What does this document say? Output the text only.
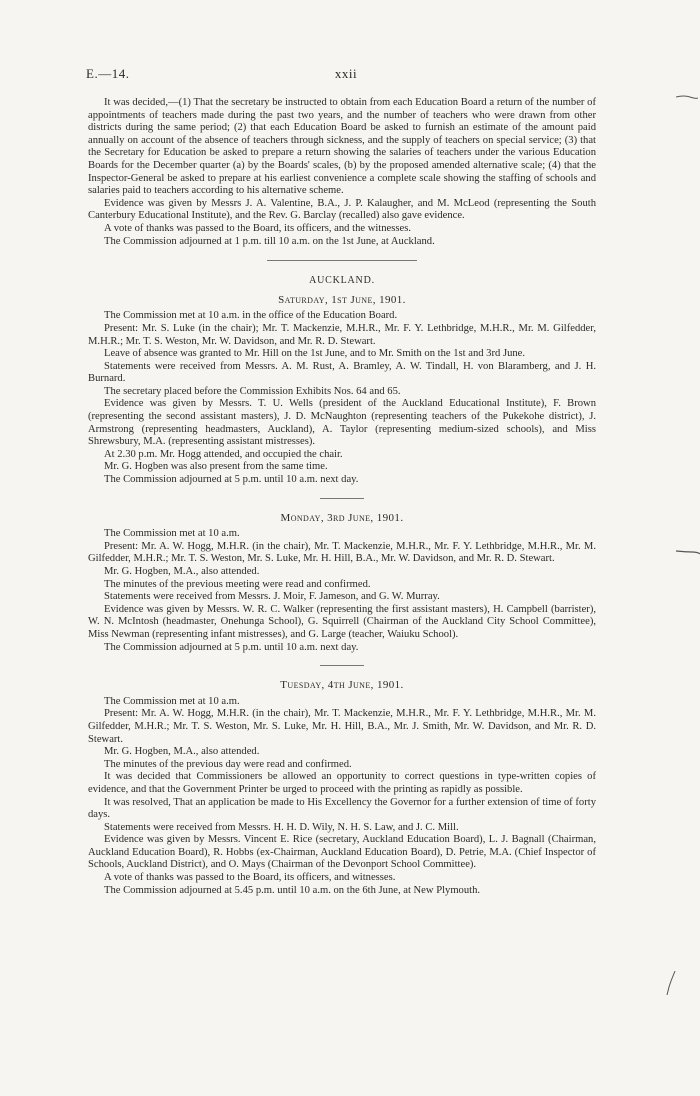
E.—14.	xxii

It was decided,—(1) That the secretary be instructed to obtain from each Education Board a return of the number of appointments of teachers made during the past two years, and the number of teachers who were drawn from other districts during the same period; (2) that each Education Board be asked to furnish an estimate of the amount paid annually on account of the absence of teachers through sickness, and the supply of teachers on special service; (3) that the Secretary for Education be asked to prepare a return showing the salaries of teachers under the various Education Boards for the December quarter (a) by the Boards' scales, (b) by the proposed amended alternative scale; (4) that the Inspector-General be asked to prepare at his earliest convenience a complete scale showing the staffing of schools and salaries paid to teachers according to his alternative scheme.

Evidence was given by Messrs J. A. Valentine, B.A., J. P. Kalaugher, and M. McLeod (representing the South Canterbury Educational Institute), and the Rev. G. Barclay (recalled) also gave evidence.

A vote of thanks was passed to the Board, its officers, and the witnesses.

The Commission adjourned at 1 p.m. till 10 a.m. on the 1st June, at Auckland.

AUCKLAND.
Saturday, 1st June, 1901.

The Commission met at 10 a.m. in the office of the Education Board.

Present: Mr. S. Luke (in the chair); Mr. T. Mackenzie, M.H.R., Mr. F. Y. Lethbridge, M.H.R., Mr. M. Gilfedder, M.H.R.; Mr. T. S. Weston, Mr. W. Davidson, and Mr. R. D. Stewart.

Leave of absence was granted to Mr. Hill on the 1st June, and to Mr. Smith on the 1st and 3rd June.

Statements were received from Messrs. A. M. Rust, A. Bramley, A. W. Tindall, H. von Blaramberg, and J. H. Burnard.

The secretary placed before the Commission Exhibits Nos. 64 and 65.

Evidence was given by Messrs. T. U. Wells (president of the Auckland Educational Institute), F. Brown (representing the second assistant masters), J. D. McNaughton (representing teachers of the Pukekohe district), J. Armstrong (representing headmasters, Auckland), A. Taylor (representing medium-sized schools), and Miss Shrewsbury, M.A. (representing assistant mistresses).

At 2.30 p.m. Mr. Hogg attended, and occupied the chair.

Mr. G. Hogben was also present from the same time.

The Commission adjourned at 5 p.m. until 10 a.m. next day.

Monday, 3rd June, 1901.

The Commission met at 10 a.m.

Present: Mr. A. W. Hogg, M.H.R. (in the chair), Mr. T. Mackenzie, M.H.R., Mr. F. Y. Lethbridge, M.H.R., Mr. M. Gilfedder, M.H.R.; Mr. T. S. Weston, Mr. S. Luke, Mr. H. Hill, B.A., Mr. W. Davidson, and Mr. R. D. Stewart.

Mr. G. Hogben, M.A., also attended.

The minutes of the previous meeting were read and confirmed.

Statements were received from Messrs. J. Moir, F. Jameson, and G. W. Murray.

Evidence was given by Messrs. W. R. C. Walker (representing the first assistant masters), H. Campbell (barrister), W. N. McIntosh (headmaster, Onehunga School), G. Squirrell (Chairman of the Auckland City School Committee), Miss Newman (representing infant mistresses), and G. Large (teacher, Waiuku School).

The Commission adjourned at 5 p.m. until 10 a.m. next day.

Tuesday, 4th June, 1901.

The Commission met at 10 a.m.

Present: Mr. A. W. Hogg, M.H.R. (in the chair), Mr. T. Mackenzie, M.H.R., Mr. F. Y. Lethbridge, M.H.R., Mr. M. Gilfedder, M.H.R.; Mr. T. S. Weston, Mr. S. Luke, Mr. H. Hill, B.A., Mr. J. Smith, Mr. W. Davidson, and Mr. R. D. Stewart.

Mr. G. Hogben, M.A., also attended.

The minutes of the previous day were read and confirmed.

It was decided that Commissioners be allowed an opportunity to correct questions in type-written copies of evidence, and that the Government Printer be urged to proceed with the printing as rapidly as possible.

It was resolved, That an application be made to His Excellency the Governor for a further extension of time of forty days.

Statements were received from Messrs. H. H. D. Wily, N. H. S. Law, and J. C. Mill.

Evidence was given by Messrs. Vincent E. Rice (secretary, Auckland Education Board), L. J. Bagnall (Chairman, Auckland Education Board), R. Hobbs (ex-Chairman, Auckland Education Board), D. Petrie, M.A. (Chief Inspector of Schools, Auckland District), and O. Mays (Chairman of the Devonport School Committee).

A vote of thanks was passed to the Board, its officers, and witnesses.

The Commission adjourned at 5.45 p.m. until 10 a.m. on the 6th June, at New Plymouth.
